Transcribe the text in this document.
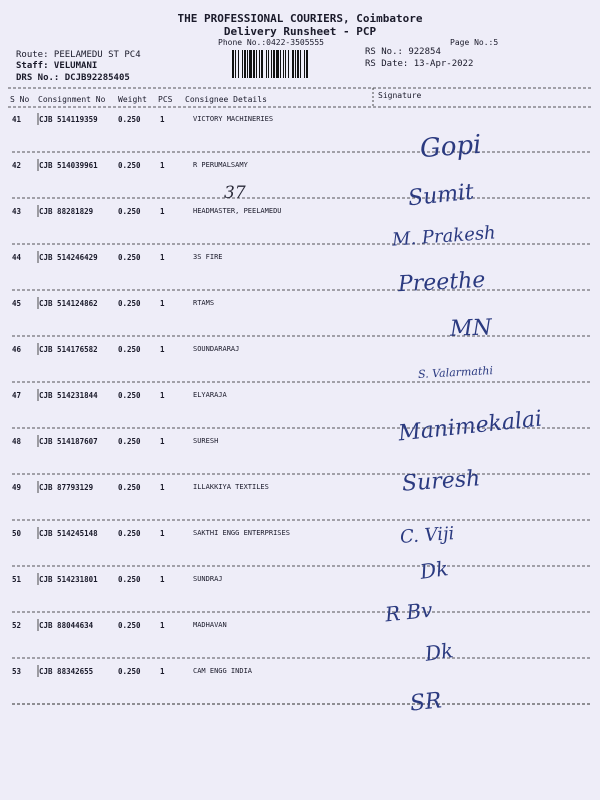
THE PROFESSIONAL COURIERS, Coimbatore
Delivery Runsheet - PCP
Phone No.:0422-3505555	Page No.:5
Route: PEELAMEDU ST PC4
Staff: VELUMANI
DRS No.: DCJB92285405
RS No.: 922854
RS Date: 13-Apr-2022
S No Consignment No Weight PCS Consignee Details	Signature
41 CJB 514119359	0.250	1	VICTORY MACHINERIES
Gopi
42 CJB 514039961	0.250	1	R PERUMALSAMY
Sumit
43 CJB 88281829	0.250	1	HEADMASTER, PEELAMEDU
M. Prakesh
44 CJB 514246429	0.250	1	3S FIRE
Preethe
45 CJB 514124862	0.250	1	RTAMS
MN
46 CJB 514176582	0.250	1	SOUNDARARAJ
S. Valarmathi
47 CJB 514231844	0.250	1	ELYARAJA
Manimekalai
48 CJB 514187607	0.250	1	SURESH
Suresh
49 CJB 87793129	0.250	1	ILLAKKIYA TEXTILES
C. Viji
50 CJB 514245148	0.250	1	SAKTHI ENGG ENTERPRISES
Dk
51 CJB 514231801	0.250	1	SUNDRAJ
R Bv
52 CJB 88044634	0.250	1	MADHAVAN
Dk
53 CJB 88342655	0.250	1	CAM ENGG INDIA
SR
37
